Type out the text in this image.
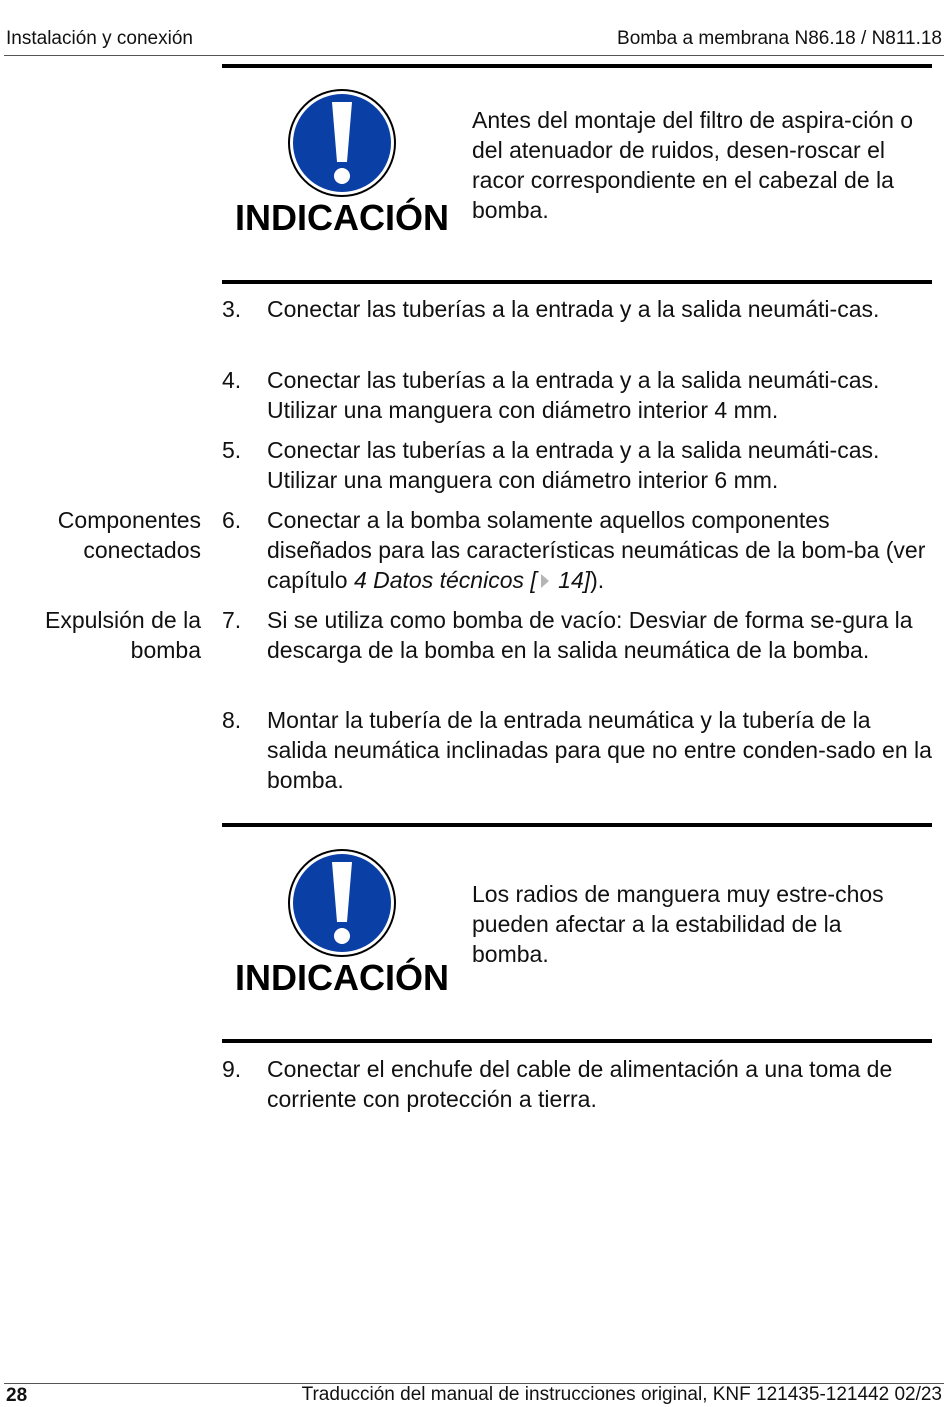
Instalación y conexión	Bomba a membrana N86.18 / N811.18
INDICACIÓN
Antes del montaje del filtro de aspira-ción o del atenuador de ruidos, desen-roscar el racor correspondiente en el cabezal de la bomba.
3.	Conectar las tuberías a la entrada y a la salida neumáti-cas.
4.	Conectar las tuberías a la entrada y a la salida neumáti-cas. Utilizar una manguera con diámetro interior 4 mm.
5.	Conectar las tuberías a la entrada y a la salida neumáti-cas. Utilizar una manguera con diámetro interior 6 mm.
Componentes conectados
6.	Conectar a la bomba solamente aquellos componentes diseñados para las características neumáticas de la bom-ba (ver capítulo 4 Datos técnicos [ 14]).
Expulsión de la bomba
7.	Si se utiliza como bomba de vacío: Desviar de forma se-gura la descarga de la bomba en la salida neumática de la bomba.
8.	Montar la tubería de la entrada neumática y la tubería de la salida neumática inclinadas para que no entre conden-sado en la bomba.
INDICACIÓN
Los radios de manguera muy estre-chos pueden afectar a la estabilidad de la bomba.
9.	Conectar el enchufe del cable de alimentación a una toma de corriente con protección a tierra.
28	Traducción del manual de instrucciones original, KNF 121435-121442 02/23
